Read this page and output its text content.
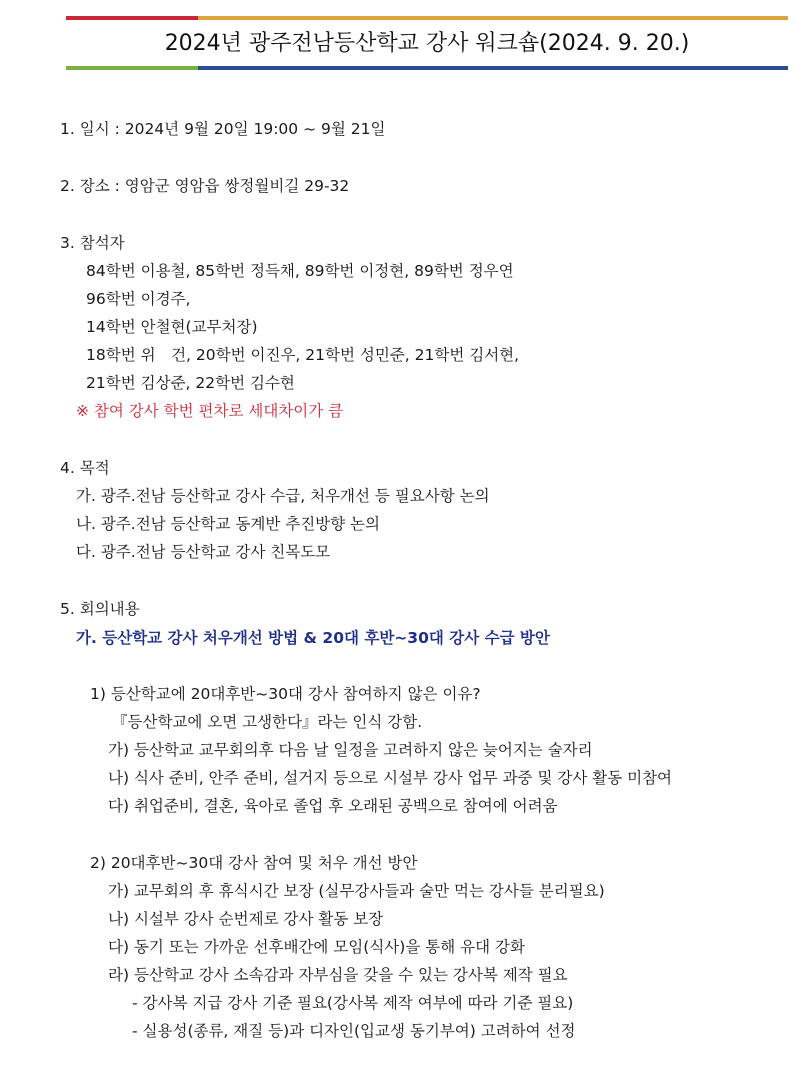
2024년 광주전남등산학교 강사 워크숍(2024. 9. 20.)
1. 일시 : 2024년 9월 20일 19:00 ~ 9월 21일
2. 장소 : 영암군 영암읍 쌍정월비길 29-32
3. 참석자
84학번 이용철, 85학번 정득채, 89학번 이정현, 89학번 정우연
96학번 이경주,
14학번 안철현(교무처장)
18학번 위　건, 20학번 이진우, 21학번 성민준, 21학번 김서현,
21학번 김상준, 22학번 김수현
※ 참여 강사 학번 편차로 세대차이가 큼
4. 목적
가. 광주.전남 등산학교 강사 수급, 처우개선 등 필요사항 논의
나. 광주.전남 등산학교 동계반 추진방향 논의
다. 광주.전남 등산학교 강사 친목도모
5. 회의내용
가. 등산학교 강사 처우개선 방법 & 20대 후반~30대 강사 수급 방안
1) 등산학교에 20대후반~30대 강사 참여하지 않은 이유?
『등산학교에 오면 고생한다』라는 인식 강함.
가) 등산학교 교무회의후 다음 날 일정을 고려하지 않은 늦어지는 술자리
나) 식사 준비, 안주 준비, 설거지 등으로 시설부 강사 업무 과중 및 강사 활동 미참여
다) 취업준비, 결혼, 육아로 졸업 후 오래된 공백으로 참여에 어려움
2) 20대후반~30대 강사 참여 및 처우 개선 방안
가) 교무회의 후 휴식시간 보장 (실무강사들과 술만 먹는 강사들 분리필요)
나) 시설부 강사 순번제로 강사 활동 보장
다) 동기 또는 가까운 선후배간에 모임(식사)을 통해 유대 강화
라) 등산학교 강사 소속감과 자부심을 갖을 수 있는 강사복 제작 필요
- 강사복 지급 강사 기준 필요(강사복 제작 여부에 따라 기준 필요)
- 실용성(종류, 재질 등)과 디자인(입교생 동기부여) 고려하여 선정
